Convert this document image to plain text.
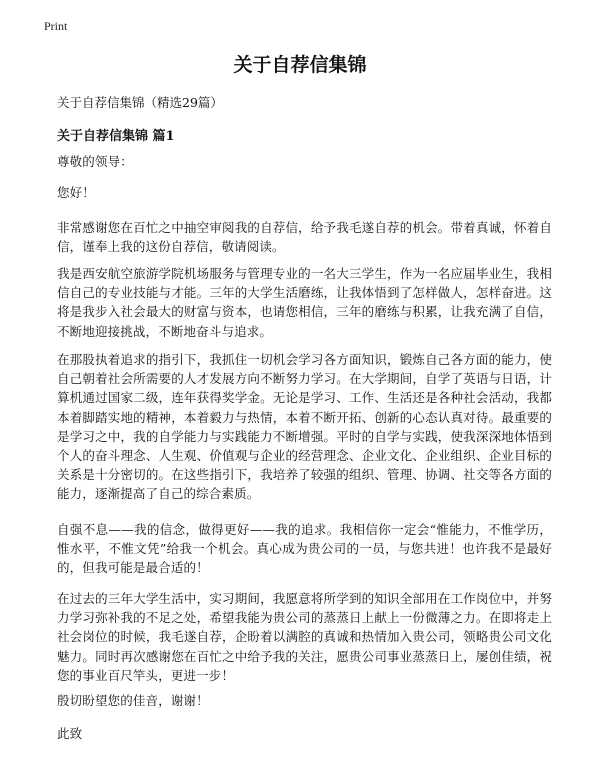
Print
关于自荐信集锦
关于自荐信集锦（精选29篇）
关于自荐信集锦 篇1

尊敬的领导：

您好！

非常感谢您在百忙之中抽空审阅我的自荐信，给予我毛遂自荐的机会。带着真诚，怀着自信，谨奉上我的这份自荐信，敬请阅读。

我是西安航空旅游学院机场服务与管理专业的一名大三学生，作为一名应届毕业生，我相信自己的专业技能与才能。三年的大学生活磨练，让我体悟到了怎样做人，怎样奋进。这将是我步入社会最大的财富与资本，也请您相信，三年的磨练与积累，让我充满了自信，不断地迎接挑战，不断地奋斗与追求。

在那股执着追求的指引下，我抓住一切机会学习各方面知识，锻炼自己各方面的能力，使自己朝着社会所需要的人才发展方向不断努力学习。在大学期间，自学了英语与日语，计算机通过国家二级，连年获得奖学金。无论是学习、工作、生活还是各种社会活动，我都本着脚踏实地的精神，本着毅力与热情，本着不断开拓、创新的心态认真对待。最重要的是学习之中，我的自学能力与实践能力不断增强。平时的自学与实践，使我深深地体悟到个人的奋斗理念、人生观、价值观与企业的经营理念、企业文化、企业组织、企业目标的关系是十分密切的。在这些指引下，我培养了较强的组织、管理、协调、社交等各方面的能力，逐渐提高了自己的综合素质。

自强不息——我的信念，做得更好——我的追求。我相信你一定会“惟能力，不惟学历，惟水平，不惟文凭”给我一个机会。真心成为贵公司的一员，与您共进！也许我不是最好的，但我可能是最合适的！

在过去的三年大学生活中，实习期间，我愿意将所学到的知识全部用在工作岗位中，并努力学习弥补我的不足之处，希望我能为贵公司的蒸蒸日上献上一份微薄之力。在即将走上社会岗位的时候，我毛遂自荐，企盼着以满腔的真诚和热情加入贵公司，领略贵公司文化魅力。同时再次感谢您在百忙之中给予我的关注，愿贵公司事业蒸蒸日上，屡创佳绩，祝您的事业百尺竿头，更进一步！

殷切盼望您的佳音，谢谢！

此致
